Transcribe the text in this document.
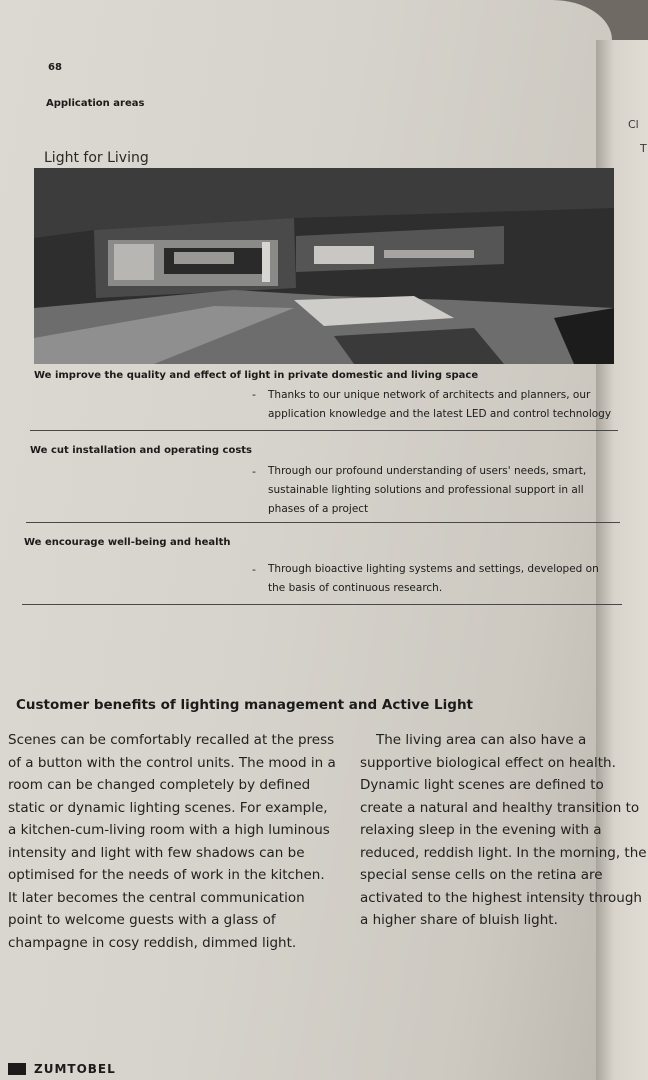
Cl
T
68
Application areas
Light for Living
We improve the quality and effect of light in private domestic and living space
- Thanks to our unique network of architects and planners, our application knowledge and the latest LED and control technology
We cut installation and operating costs
- Through our profound understanding of users' needs, smart, sustainable lighting solutions and professional support in all phases of a project
We encourage well-being and health
- Through bioactive lighting systems and settings, developed on the basis of continuous research.
Customer benefits of lighting management and Active Light
Scenes can be comfortably recalled at the press of a button with the control units. The mood in a room can be changed completely by defined static or dynamic lighting scenes. For example, a kitchen-cum-living room with a high luminous intensity and light with few shadows can be optimised for the needs of work in the kitchen. It later becomes the central communication point to welcome guests with a glass of champagne in cosy reddish, dimmed light.
The living area can also have a supportive biological effect on health. Dynamic light scenes are defined to create a natural and healthy transition to relaxing sleep in the evening with a reduced, reddish light. In the morning, the special sense cells on the retina are activated to the highest intensity through a higher share of bluish light.
ZUMTOBEL
